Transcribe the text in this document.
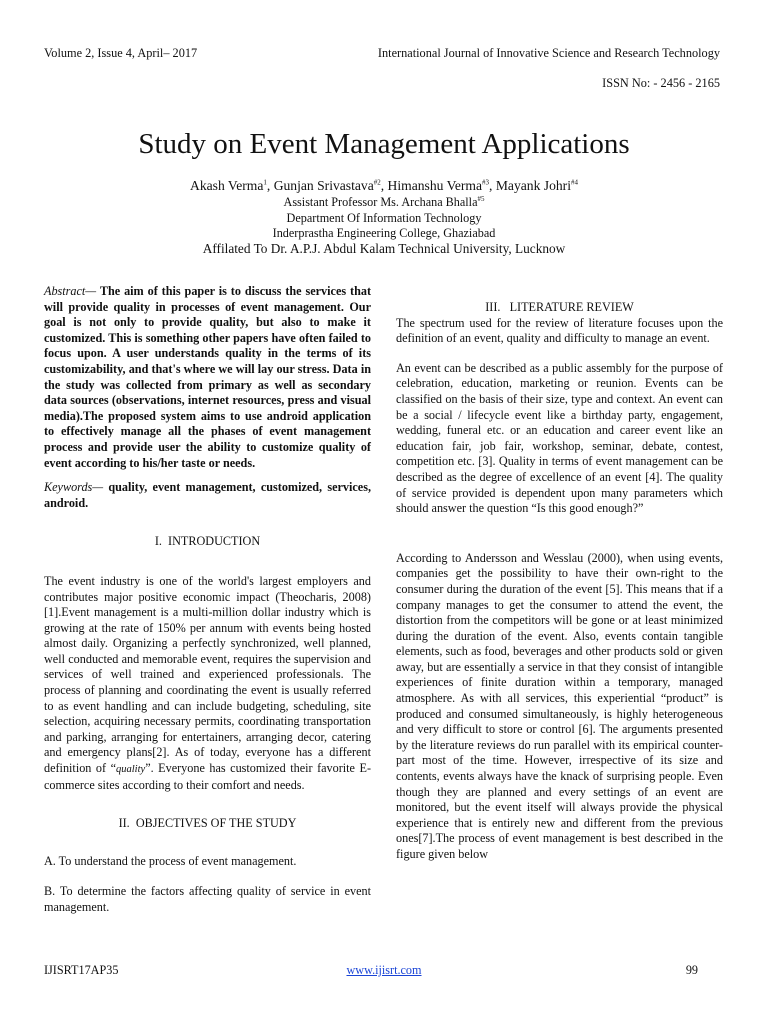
Volume 2, Issue 4, April– 2017	International Journal of Innovative Science and Research Technology
ISSN No: - 2456 - 2165
Study on Event Management Applications
Akash Verma$^1$, Gunjan Srivastava$^{\#2}$, Himanshu Verma$^{\#3}$, Mayank Johri$^{\#4}$
Assistant Professor Ms. Archana Bhalla$^{\#5}$
Department Of Information Technology
Inderprastha Engineering College, Ghaziabad
Affilated To Dr. A.P.J. Abdul Kalam Technical University, Lucknow

Abstract— The aim of this paper is to discuss the services that will provide quality in processes of event management. Our goal is not only to provide quality, but also to make it customized. This is something other papers have often failed to focus upon. A user understands quality in the terms of its customizability, and that's where we will lay our stress. Data in the study was collected from primary as well as secondary data sources (observations, internet resources, press and visual media).The proposed system aims to use android application to effectively manage all the phases of event management process and provide user the ability to customize quality of event according to his/her taste or needs.

Keywords— quality, event management, customized, services, android.

I.  INTRODUCTION

The event industry is one of the world's largest employers and contributes major positive economic impact (Theocharis, 2008) [1].Event management is a multi-million dollar industry which is growing at the rate of 150% per annum with events being hosted almost daily. Organizing a perfectly synchronized, well planned, well conducted and memorable event, requires the supervision and services of well trained and experienced professionals. The process of planning and coordinating the event is usually referred to as event handling and can include budgeting, scheduling, site selection, acquiring necessary permits, coordinating transportation and parking, arranging for entertainers, arranging decor, catering and emergency plans[2]. As of today, everyone has a different definition of “quality”. Everyone has customized their favorite E-commerce sites according to their comfort and needs.

II.  OBJECTIVES OF THE STUDY

A. To understand the process of event management.

B. To determine the factors affecting quality of service in event management.

III.   LITERATURE REVIEW

The spectrum used for the review of literature focuses upon the definition of an event, quality and difficulty to manage an event.

An event can be described as a public assembly for the purpose of celebration, education, marketing or reunion. Events can be classified on the basis of their size, type and context. An event can be a social / lifecycle event like a birthday party, engagement, wedding, funeral etc. or an education and career event like an education fair, job fair, workshop, seminar, debate, contest, competition etc. [3]. Quality in terms of event management can be described as the degree of excellence of an event [4]. The quality of service provided is dependent upon many parameters which should answer the question “Is this good enough?”

According to Andersson and Wesslau (2000), when using events, companies get the possibility to have their own-right to the consumer during the duration of the event [5]. This means that if a company manages to get the consumer to attend the event, the distortion from the competitors will be gone or at least minimized during the duration of the event. Also, events contain tangible elements, such as food, beverages and other products sold or given away, but are essentially a service in that they consist of intangible experiences of finite duration within a temporary, managed atmosphere. As with all services, this experiential “product” is produced and consumed simultaneously, is highly heterogeneous and very difficult to store or control [6]. The arguments presented by the literature reviews do run parallel with its empirical counter-part most of the time. However, irrespective of its size and contents, events always have the knack of surprising people. Even though they are planned and every settings of an event are monitored, but the event itself will always provide the physical experience that is entirely new and different from the previous ones[7].The process of event management is best described in the figure given below

IJISRT17AP35	www.ijisrt.com	99
